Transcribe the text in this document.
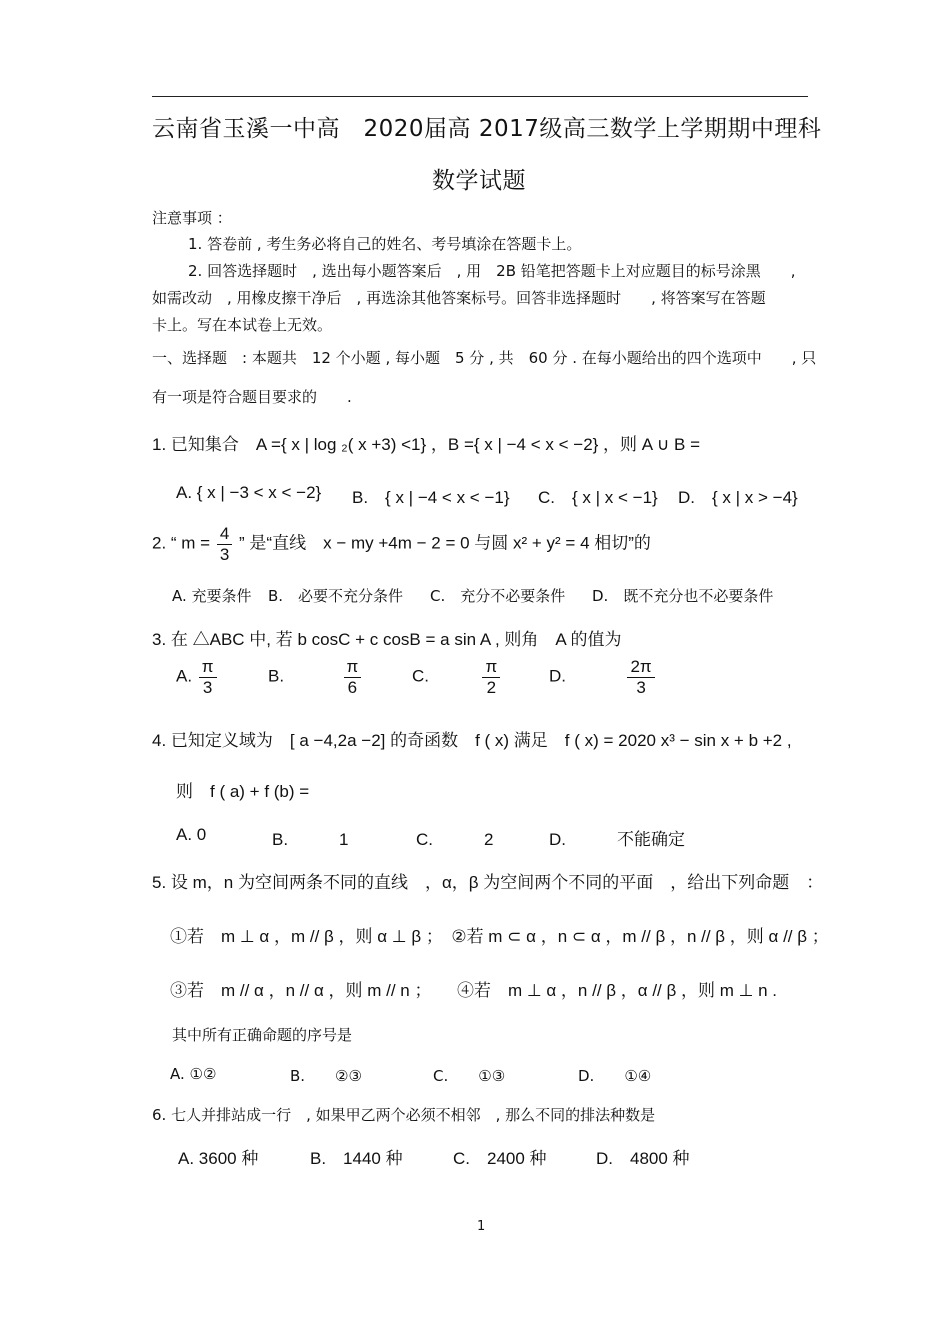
云南省玉溪一中高　2020届高 2017级高三数学上学期期中理科
数学试题
注意事项 ：
1. 答卷前 , 考生务必将自己的姓名、考号填涂在答题卡上。
2. 回答选择题时　, 选出每小题答案后　, 用　2B 铅笔把答题卡上对应题目的标号涂黑　　,
如需改动　, 用橡皮擦干净后　, 再选涂其他答案标号。回答非选择题时　　, 将答案写在答题
卡上。写在本试卷上无效。
一、选择题　: 本题共　12 个小题 , 每小题　5 分 , 共　60 分 . 在每小题给出的四个选项中　　, 只
有一项是符合题目要求的　　.
1. 已知集合　A ={ x | log ₂( x +3) <1} ，B ={ x | −4 < x < −2} ，则 A ∪ B =
A. { x | −3 < x < −2} B.　{ x | −4 < x < −1} C.　{ x | x < −1} D.　{ x | x > −4}
2. “ $m = \frac{4}{3}$ ” 是“直线　x − my +4m − 2 = 0 与圆 x² + y² = 4 相切”的
A. 充要条件 B.　必要不充分条件 C.　充分不必要条件 D.　既不充分也不必要条件
3. 在 △ABC 中, 若 b cosC + c cosB = a sin A , 则角　A 的值为
A. $\frac{\pi}{3}$	B.	$\frac{\pi}{6}$	C.	$\frac{\pi}{2}$	D.	$\frac{2\pi}{3}$
4. 已知定义域为　[ a −4,2a −2] 的奇函数　f ( x) 满足　f ( x) = 2020 x³ − sin x + b +2 ,
则　f ( a) + f (b) =
A. 0	B.　　　1	C.　　　2	D.　　　不能确定
5. 设 m，n 为空间两条不同的直线　，α，β 为空间两个不同的平面　，给出下列命题　：
①若　m ⊥ α ，m // β ，则 α ⊥ β ；　②若 m ⊂ α ，n ⊂ α ，m // β ，n // β ，则 α // β ；
③若　m // α ，n // α ，则 m // n ；　　④若　m ⊥ α ，n // β ，α // β ，则 m ⊥ n .
其中所有正确命题的序号是
A. ①②	B.　　②③	C.　　①③	D.　　①④
6. 七人并排站成一行　, 如果甲乙两个必须不相邻　, 那么不同的排法种数是
A. 3600 种	B.　1440 种	C.　2400 种	D.　4800 种
1
